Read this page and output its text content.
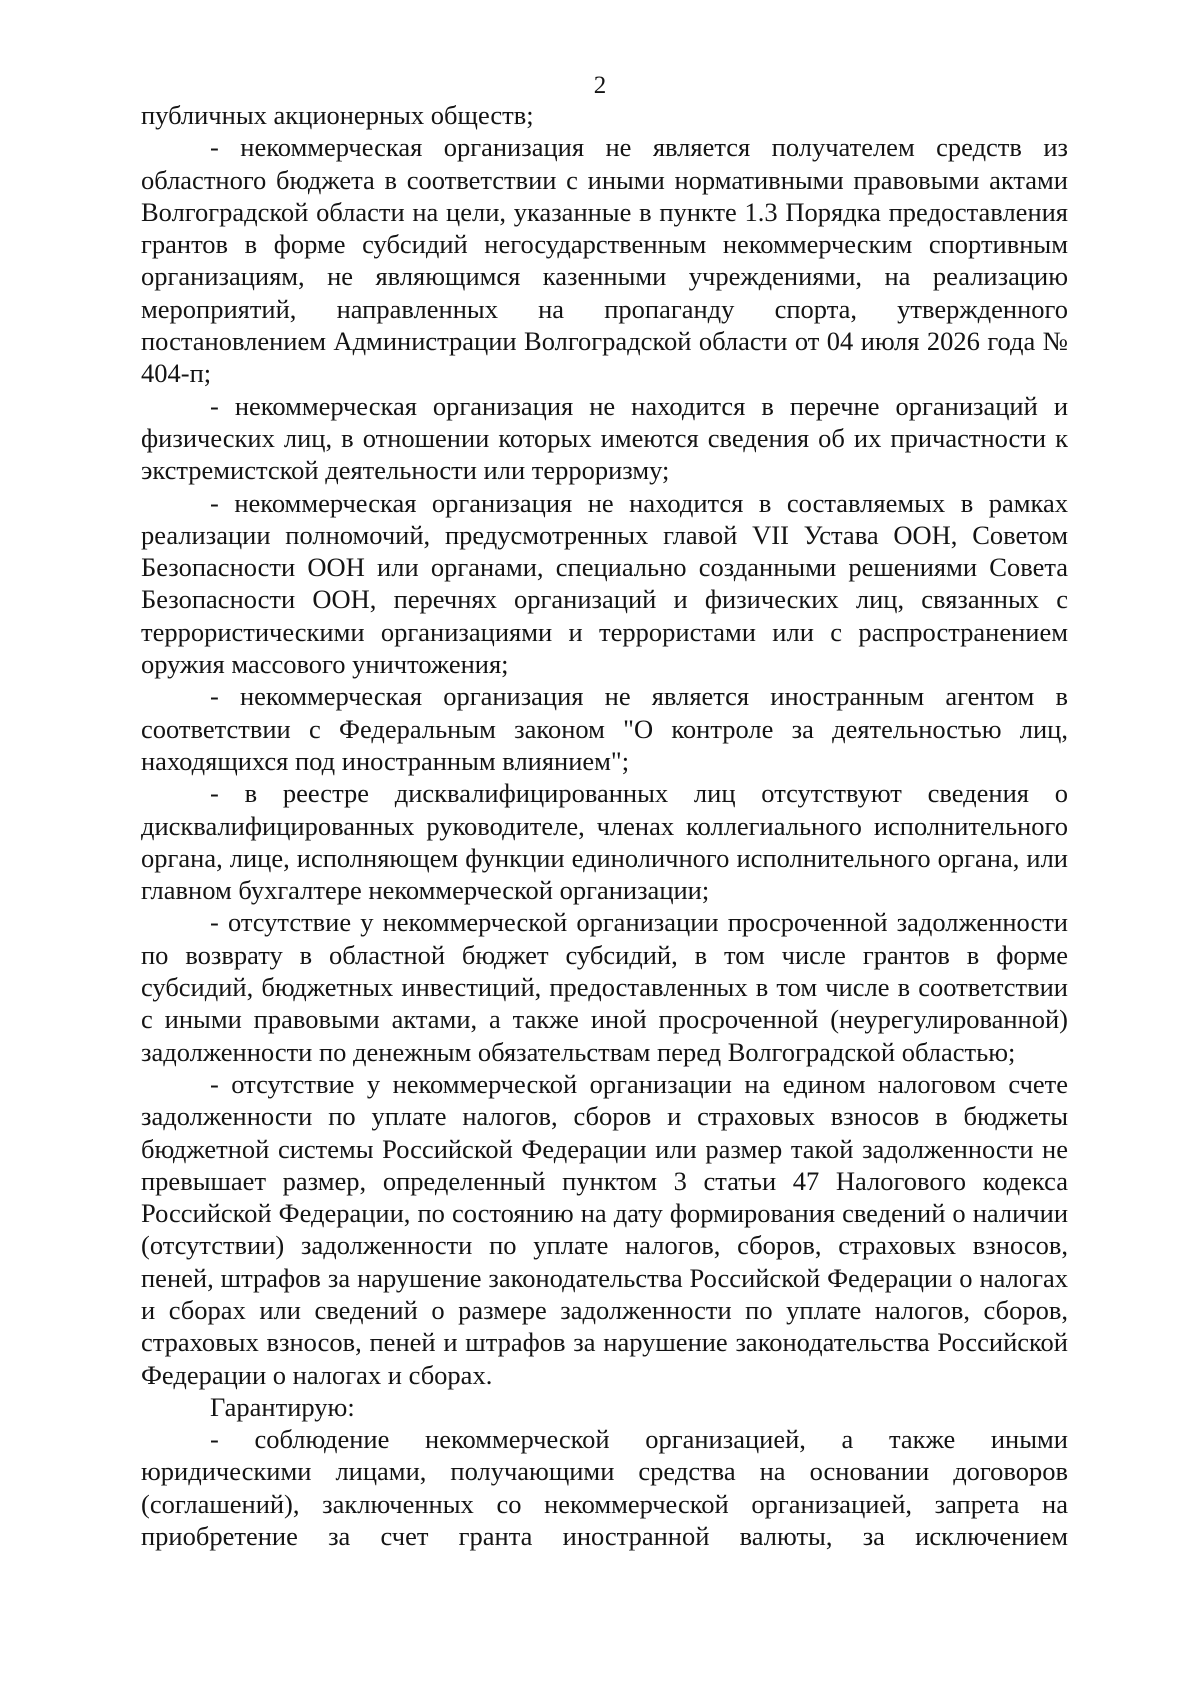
2

публичных акционерных обществ;

- некоммерческая организация не является получателем средств из областного бюджета в соответствии с иными нормативными правовыми актами Волгоградской области на цели, указанные в пункте 1.3 Порядка предоставления грантов в форме субсидий негосударственным некоммерческим спортивным организациям, не являющимся казенными учреждениями, на реализацию мероприятий, направленных на пропаганду спорта, утвержденного постановлением Администрации Волгоградской области от 04 июля 2026 года № 404-п;

- некоммерческая организация не находится в перечне организаций и физических лиц, в отношении которых имеются сведения об их причастности к экстремистской деятельности или терроризму;

- некоммерческая организация не находится в составляемых в рамках реализации полномочий, предусмотренных главой VII Устава ООН, Советом Безопасности ООН или органами, специально созданными решениями Совета Безопасности ООН, перечнях организаций и физических лиц, связанных с террористическими организациями и террористами или с распространением оружия массового уничтожения;

- некоммерческая организация не является иностранным агентом в соответствии с Федеральным законом "О контроле за деятельностью лиц, находящихся под иностранным влиянием";

- в реестре дисквалифицированных лиц отсутствуют сведения о дисквалифицированных руководителе, членах коллегиального исполнительного органа, лице, исполняющем функции единоличного исполнительного органа, или главном бухгалтере некоммерческой организации;

- отсутствие у некоммерческой организации просроченной задолженности по возврату в областной бюджет субсидий, в том числе грантов в форме субсидий, бюджетных инвестиций, предоставленных в том числе в соответствии с иными правовыми актами, а также иной просроченной (неурегулированной) задолженности по денежным обязательствам перед Волгоградской областью;

- отсутствие у некоммерческой организации на едином налоговом счете задолженности по уплате налогов, сборов и страховых взносов в бюджеты бюджетной системы Российской Федерации или размер такой задолженности не превышает размер, определенный пунктом 3 статьи 47 Налогового кодекса Российской Федерации, по состоянию на дату формирования сведений о наличии (отсутствии) задолженности по уплате налогов, сборов, страховых взносов, пеней, штрафов за нарушение законодательства Российской Федерации о налогах и сборах или сведений о размере задолженности по уплате налогов, сборов, страховых взносов, пеней и штрафов за нарушение законодательства Российской Федерации о налогах и сборах.

Гарантирую:

- соблюдение некоммерческой организацией, а также иными юридическими лицами, получающими средства на основании договоров (соглашений), заключенных со некоммерческой организацией, запрета на приобретение за счет гранта иностранной валюты, за исключением
